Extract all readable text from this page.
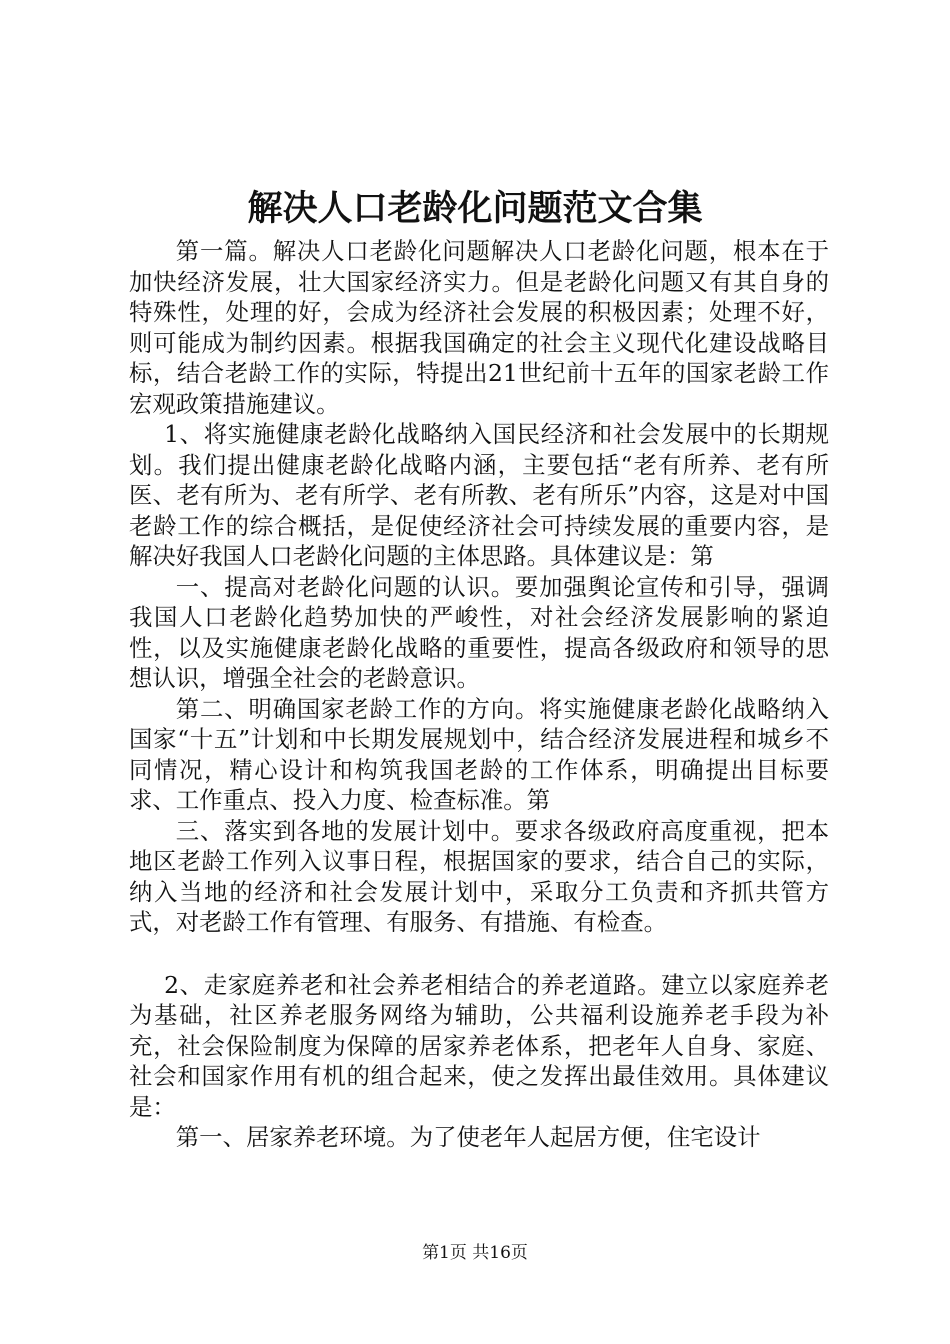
解决人口老龄化问题范文合集

第一篇。解决人口老龄化问题解决人口老龄化问题，根本在于加快经济发展，壮大国家经济实力。但是老龄化问题又有其自身的特殊性，处理的好，会成为经济社会发展的积极因素；处理不好，则可能成为制约因素。根据我国确定的社会主义现代化建设战略目标，结合老龄工作的实际，特提出21世纪前十五年的国家老龄工作宏观政策措施建议。

1、将实施健康老龄化战略纳入国民经济和社会发展中的长期规划。我们提出健康老龄化战略内涵，主要包括“老有所养、老有所医、老有所为、老有所学、老有所教、老有所乐”内容，这是对中国老龄工作的综合概括，是促使经济社会可持续发展的重要内容，是解决好我国人口老龄化问题的主体思路。具体建议是：第

一、提高对老龄化问题的认识。要加强舆论宣传和引导，强调我国人口老龄化趋势加快的严峻性，对社会经济发展影响的紧迫性，以及实施健康老龄化战略的重要性，提高各级政府和领导的思想认识，增强全社会的老龄意识。

第二、明确国家老龄工作的方向。将实施健康老龄化战略纳入国家“十五”计划和中长期发展规划中，结合经济发展进程和城乡不同情况，精心设计和构筑我国老龄的工作体系，明确提出目标要求、工作重点、投入力度、检查标准。第

三、落实到各地的发展计划中。要求各级政府高度重视，把本地区老龄工作列入议事日程，根据国家的要求，结合自己的实际，纳入当地的经济和社会发展计划中，采取分工负责和齐抓共管方式，对老龄工作有管理、有服务、有措施、有检查。

2、走家庭养老和社会养老相结合的养老道路。建立以家庭养老为基础，社区养老服务网络为辅助，公共福利设施养老手段为补充，社会保险制度为保障的居家养老体系，把老年人自身、家庭、社会和国家作用有机的组合起来，使之发挥出最佳效用。具体建议是：

第一、居家养老环境。为了使老年人起居方便，住宅设计

第1页 共16页
